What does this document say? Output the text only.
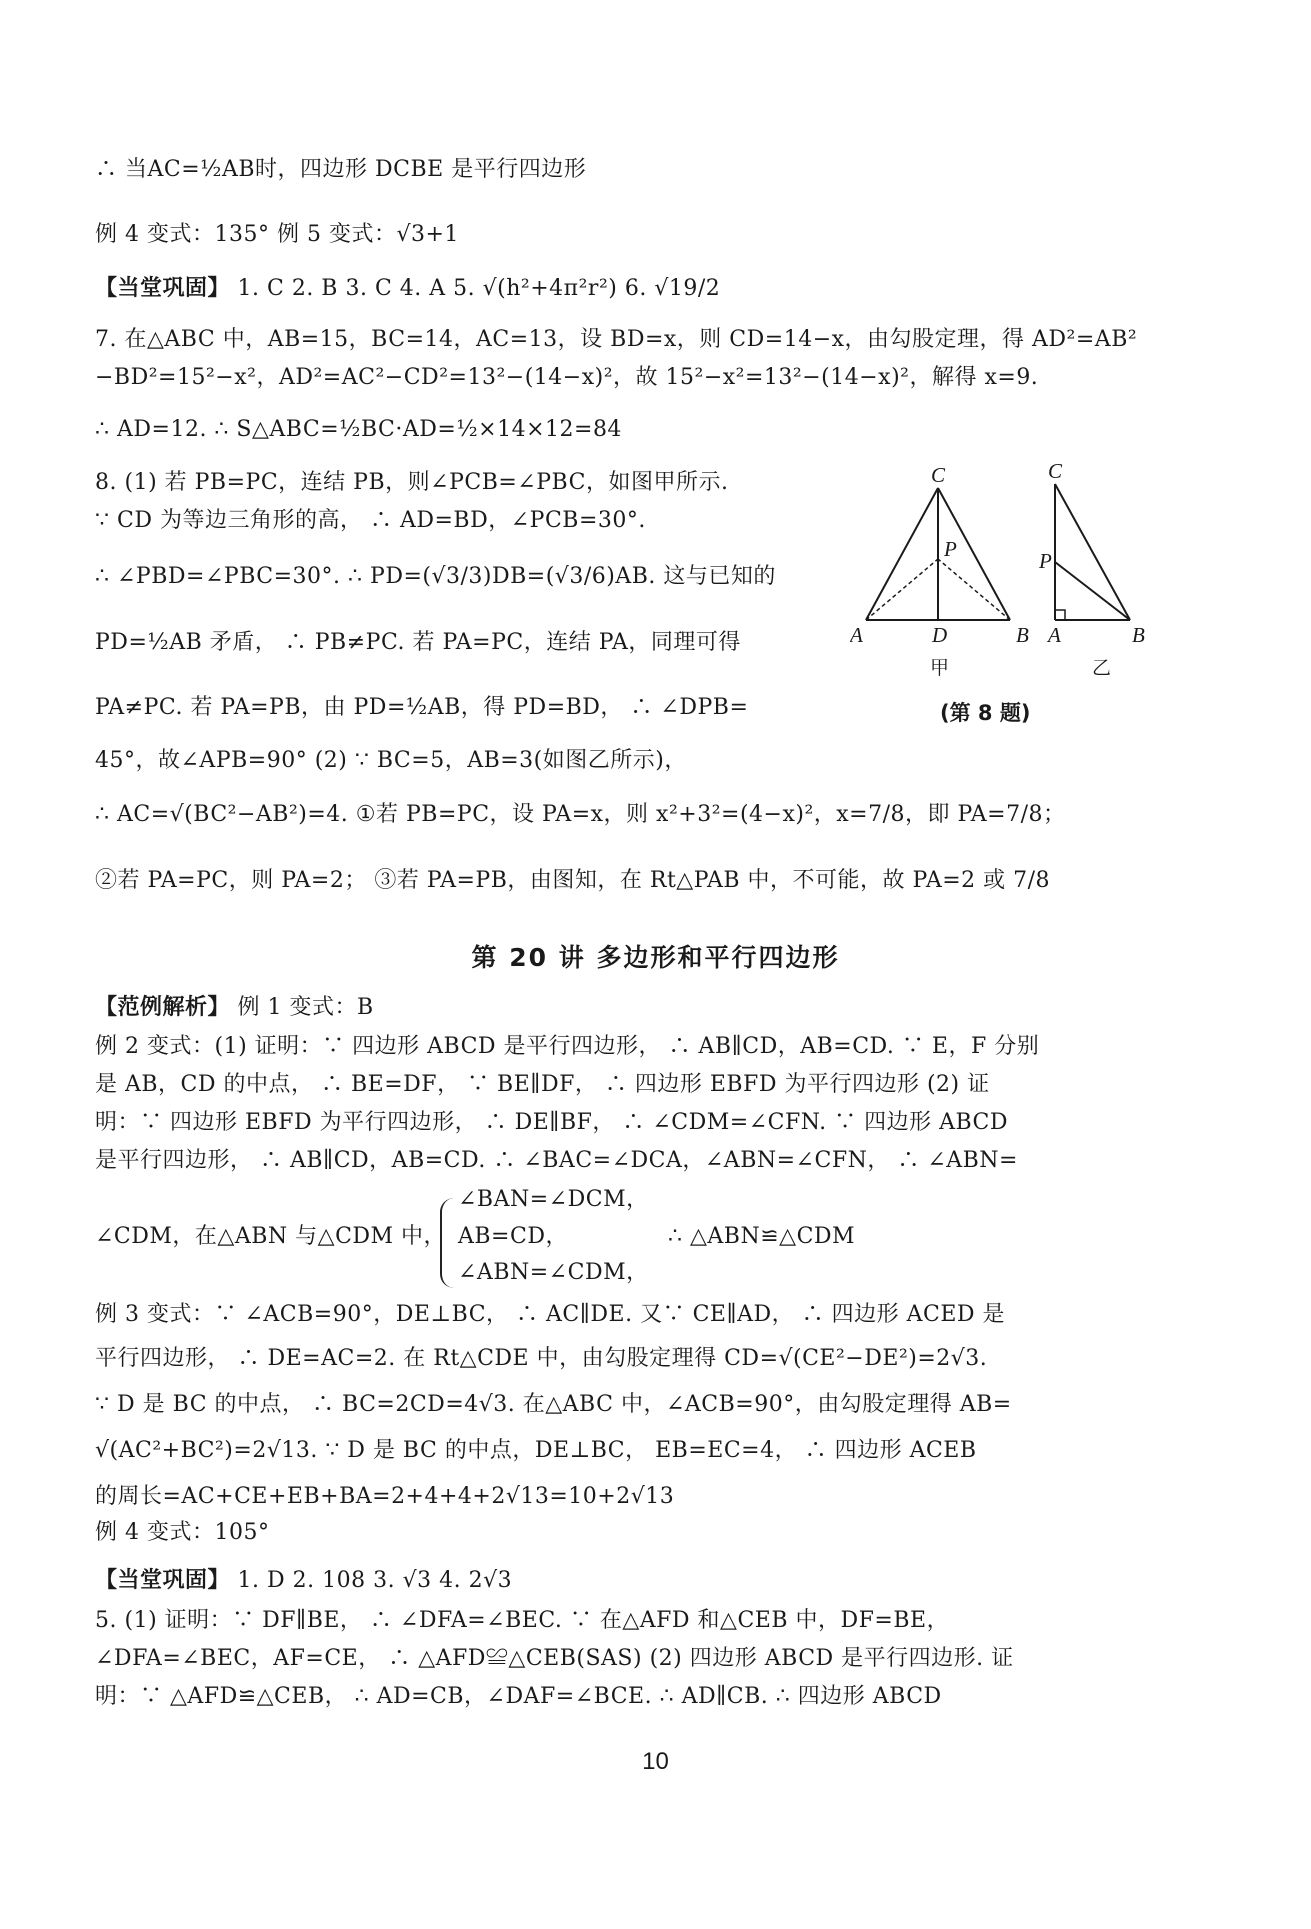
∴ 当AC=½AB时，四边形 DCBE 是平行四边形
例 4 变式：135° 例 5 变式：√3+1
【当堂巩固】 1. C 2. B 3. C 4. A 5. √(h²+4π²r²) 6. √19/2
7. 在△ABC 中，AB=15，BC=14，AC=13，设 BD=x，则 CD=14−x，由勾股定理，得 AD²=AB²
−BD²=15²−x²，AD²=AC²−CD²=13²−(14−x)²，故 15²−x²=13²−(14−x)²，解得 x=9.
∴ AD=12. ∴ S△ABC=½BC·AD=½×14×12=84
8. (1) 若 PB=PC，连结 PB，则∠PCB=∠PBC，如图甲所示.
∵ CD 为等边三角形的高， ∴ AD=BD，∠PCB=30°.
∴ ∠PBD=∠PBC=30°. ∴ PD=(√3/3)DB=(√3/6)AB. 这与已知的
PD=½AB 矛盾， ∴ PB≠PC. 若 PA=PC，连结 PA，同理可得
PA≠PC. 若 PA=PB，由 PD=½AB，得 PD=BD， ∴ ∠DPB=
45°，故∠APB=90° (2) ∵ BC=5，AB=3(如图乙所示)，
∴ AC=√(BC²−AB²)=4. ①若 PB=PC，设 PA=x，则 x²+3²=(4−x)²，x=7/8，即 PA=7/8；
②若 PA=PC，则 PA=2； ③若 PA=PB，由图知，在 Rt△PAB 中，不可能，故 PA=2 或 7/8
C
P
A	D	B
甲
C
P
A	B
乙
(第 8 题)
第 20 讲 多边形和平行四边形
【范例解析】 例 1 变式：B
例 2 变式：(1) 证明：∵ 四边形 ABCD 是平行四边形， ∴ AB∥CD，AB=CD. ∵ E，F 分别
是 AB，CD 的中点， ∴ BE=DF， ∵ BE∥DF， ∴ 四边形 EBFD 为平行四边形 (2) 证
明：∵ 四边形 EBFD 为平行四边形， ∴ DE∥BF， ∴ ∠CDM=∠CFN. ∵ 四边形 ABCD
是平行四边形， ∴ AB∥CD，AB=CD. ∴ ∠BAC=∠DCA，∠ABN=∠CFN， ∴ ∠ABN=
∠BAN=∠DCM，
∠CDM，在△ABN 与△CDM 中， AB=CD，	∴ △ABN≌△CDM
∠ABN=∠CDM，
例 3 变式：∵ ∠ACB=90°，DE⊥BC， ∴ AC∥DE. 又∵ CE∥AD， ∴ 四边形 ACED 是
平行四边形， ∴ DE=AC=2. 在 Rt△CDE 中，由勾股定理得 CD=√(CE²−DE²)=2√3.
∵ D 是 BC 的中点， ∴ BC=2CD=4√3. 在△ABC 中，∠ACB=90°，由勾股定理得 AB=
√(AC²+BC²)=2√13. ∵ D 是 BC 的中点，DE⊥BC， EB=EC=4， ∴ 四边形 ACEB
的周长=AC+CE+EB+BA=2+4+4+2√13=10+2√13
例 4 变式：105°
【当堂巩固】 1. D 2. 108 3. √3 4. 2√3
5. (1) 证明：∵ DF∥BE， ∴ ∠DFA=∠BEC. ∵ 在△AFD 和△CEB 中，DF=BE，
∠DFA=∠BEC，AF=CE， ∴ △AFD≌△CEB(SAS) (2) 四边形 ABCD 是平行四边形. 证
明：∵ △AFD≌△CEB， ∴ AD=CB，∠DAF=∠BCE. ∴ AD∥CB. ∴ 四边形 ABCD
10
